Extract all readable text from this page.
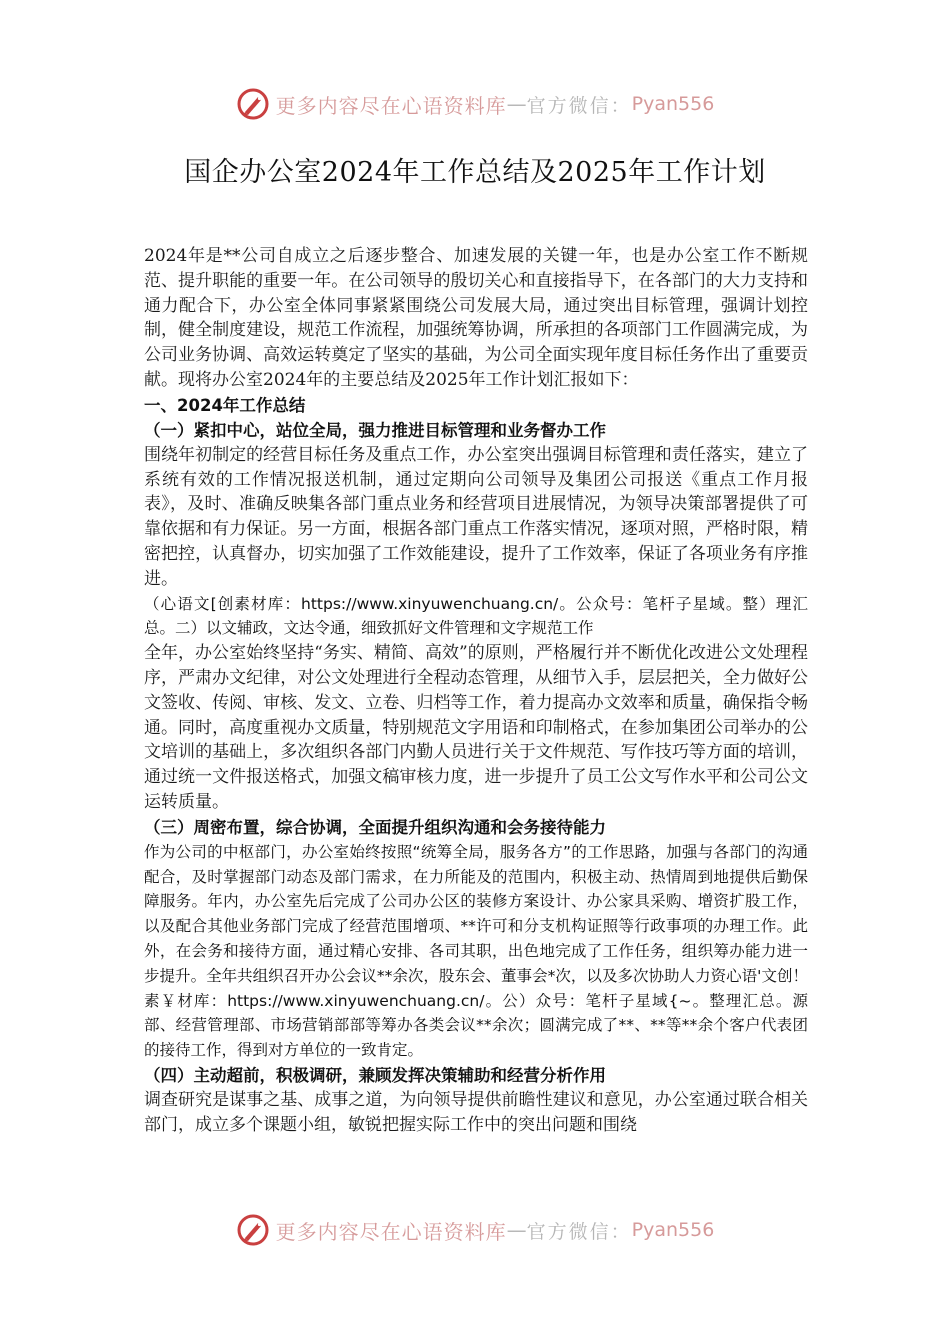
更多内容尽在心语资料库 — 官方微信： Pyan556
国企办公室2024年工作总结及2025年工作计划

2024年是**公司自成立之后逐步整合、加速发展的关键一年，也是办公室工作不断规范、提升职能的重要一年。在公司领导的殷切关心和直接指导下，在各部门的大力支持和通力配合下，办公室全体同事紧紧围绕公司发展大局，通过突出目标管理，强调计划控制，健全制度建设，规范工作流程，加强统筹协调，所承担的各项部门工作圆满完成，为公司业务协调、高效运转奠定了坚实的基础，为公司全面实现年度目标任务作出了重要贡献。现将办公室2024年的主要总结及2025年工作计划汇报如下：

一、2024年工作总结

（一）紧扣中心，站位全局，强力推进目标管理和业务督办工作

围绕年初制定的经营目标任务及重点工作，办公室突出强调目标管理和责任落实，建立了系统有效的工作情况报送机制，通过定期向公司领导及集团公司报送《重点工作月报表》，及时、准确反映集各部门重点业务和经营项目进展情况，为领导决策部署提供了可靠依据和有力保证。另一方面，根据各部门重点工作落实情况，逐项对照，严格时限，精密把控，认真督办，切实加强了工作效能建设，提升了工作效率，保证了各项业务有序推进。

（心语文[创素材库：https://www.xinyuwenchuang.cn/。公众号：笔杆子星域。整）理汇总。二）以文辅政，文达令通，细致抓好文件管理和文字规范工作

全年，办公室始终坚持“务实、精简、高效”的原则，严格履行并不断优化改进公文处理程序，严肃办文纪律，对公文处理进行全程动态管理，从细节入手，层层把关，全力做好公文签收、传阅、审核、发文、立卷、归档等工作，着力提高办文效率和质量，确保指令畅通。同时，高度重视办文质量，特别规范文字用语和印制格式，在参加集团公司举办的公文培训的基础上，多次组织各部门内勤人员进行关于文件规范、写作技巧等方面的培训，通过统一文件报送格式，加强文稿审核力度，进一步提升了员工公文写作水平和公司公文运转质量。

（三）周密布置，综合协调，全面提升组织沟通和会务接待能力

作为公司的中枢部门，办公室始终按照“统筹全局，服务各方”的工作思路，加强与各部门的沟通配合，及时掌握部门动态及部门需求，在力所能及的范围内，积极主动、热情周到地提供后勤保障服务。年内，办公室先后完成了公司办公区的装修方案设计、办公家具采购、增资扩股工作，以及配合其他业务部门完成了经营范围增项、**许可和分支机构证照等行政事项的办理工作。此外，在会务和接待方面，通过精心安排、各司其职，出色地完成了工作任务，组织筹办能力进一步提升。全年共组织召开办公会议**余次，股东会、董事会*次，以及多次协助人力资心语'文创！素￥材库：https://www.xinyuwenchuang.cn/。公）众号：笔杆子星域{~。整理汇总。源部、经营管理部、市场营销部部等筹办各类会议**余次；圆满完成了**、**等**余个客户代表团的接待工作，得到对方单位的一致肯定。

（四）主动超前，积极调研，兼顾发挥决策辅助和经营分析作用

调查研究是谋事之基、成事之道，为向领导提供前瞻性建议和意见，办公室通过联合相关部门，成立多个课题小组，敏锐把握实际工作中的突出问题和围绕

更多内容尽在心语资料库 — 官方微信： Pyan556
